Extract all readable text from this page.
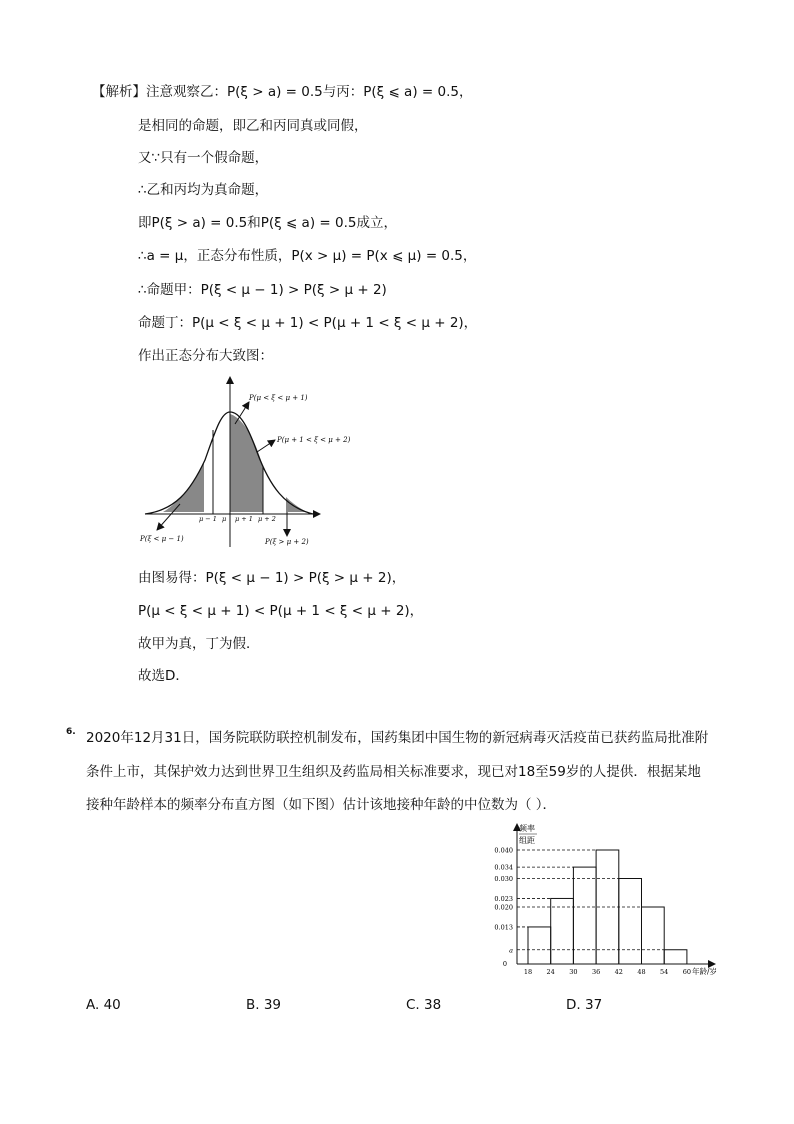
【解析】注意观察乙：P(ξ > a) = 0.5与丙：P(ξ ⩽ a) = 0.5，
是相同的命题，即乙和丙同真或同假，
又∵只有一个假命题，
∴乙和丙均为真命题，
即P(ξ > a) = 0.5和P(ξ ⩽ a) = 0.5成立，
∴a = μ，正态分布性质，P(x > μ) = P(x ⩽ μ) = 0.5，
∴命题甲：P(ξ < μ − 1) > P(ξ > μ + 2)
命题丁：P(μ < ξ < μ + 1) < P(μ + 1 < ξ < μ + 2)，
作出正态分布大致图：
P(μ < ξ < μ + 1)
P(μ + 1 < ξ < μ + 2)
P(ξ < μ − 1)	P(ξ > μ + 2)
μ − 1 μ μ + 1 μ + 2
由图易得：P(ξ < μ − 1) > P(ξ > μ + 2)，
P(μ < ξ < μ + 1) < P(μ + 1 < ξ < μ + 2)，
故甲为真，丁为假．
故选D．
6. 2020年12月31日，国务院联防联控机制发布，国药集团中国生物的新冠病毒灭活疫苗已获药监局批准附
条件上市，其保护效力达到世界卫生组织及药监局相关标准要求，现已对18至59岁的人提供．根据某地
接种年龄样本的频率分布直方图（如下图）估计该地接种年龄的中位数为（ ）．
频率
组距
0.013
0.023
0.034
0.040
0.030
0.020
a
0
18 24 30 36 42 48 54 60 年龄/岁
A. 40	B. 39	C. 38	D. 37
